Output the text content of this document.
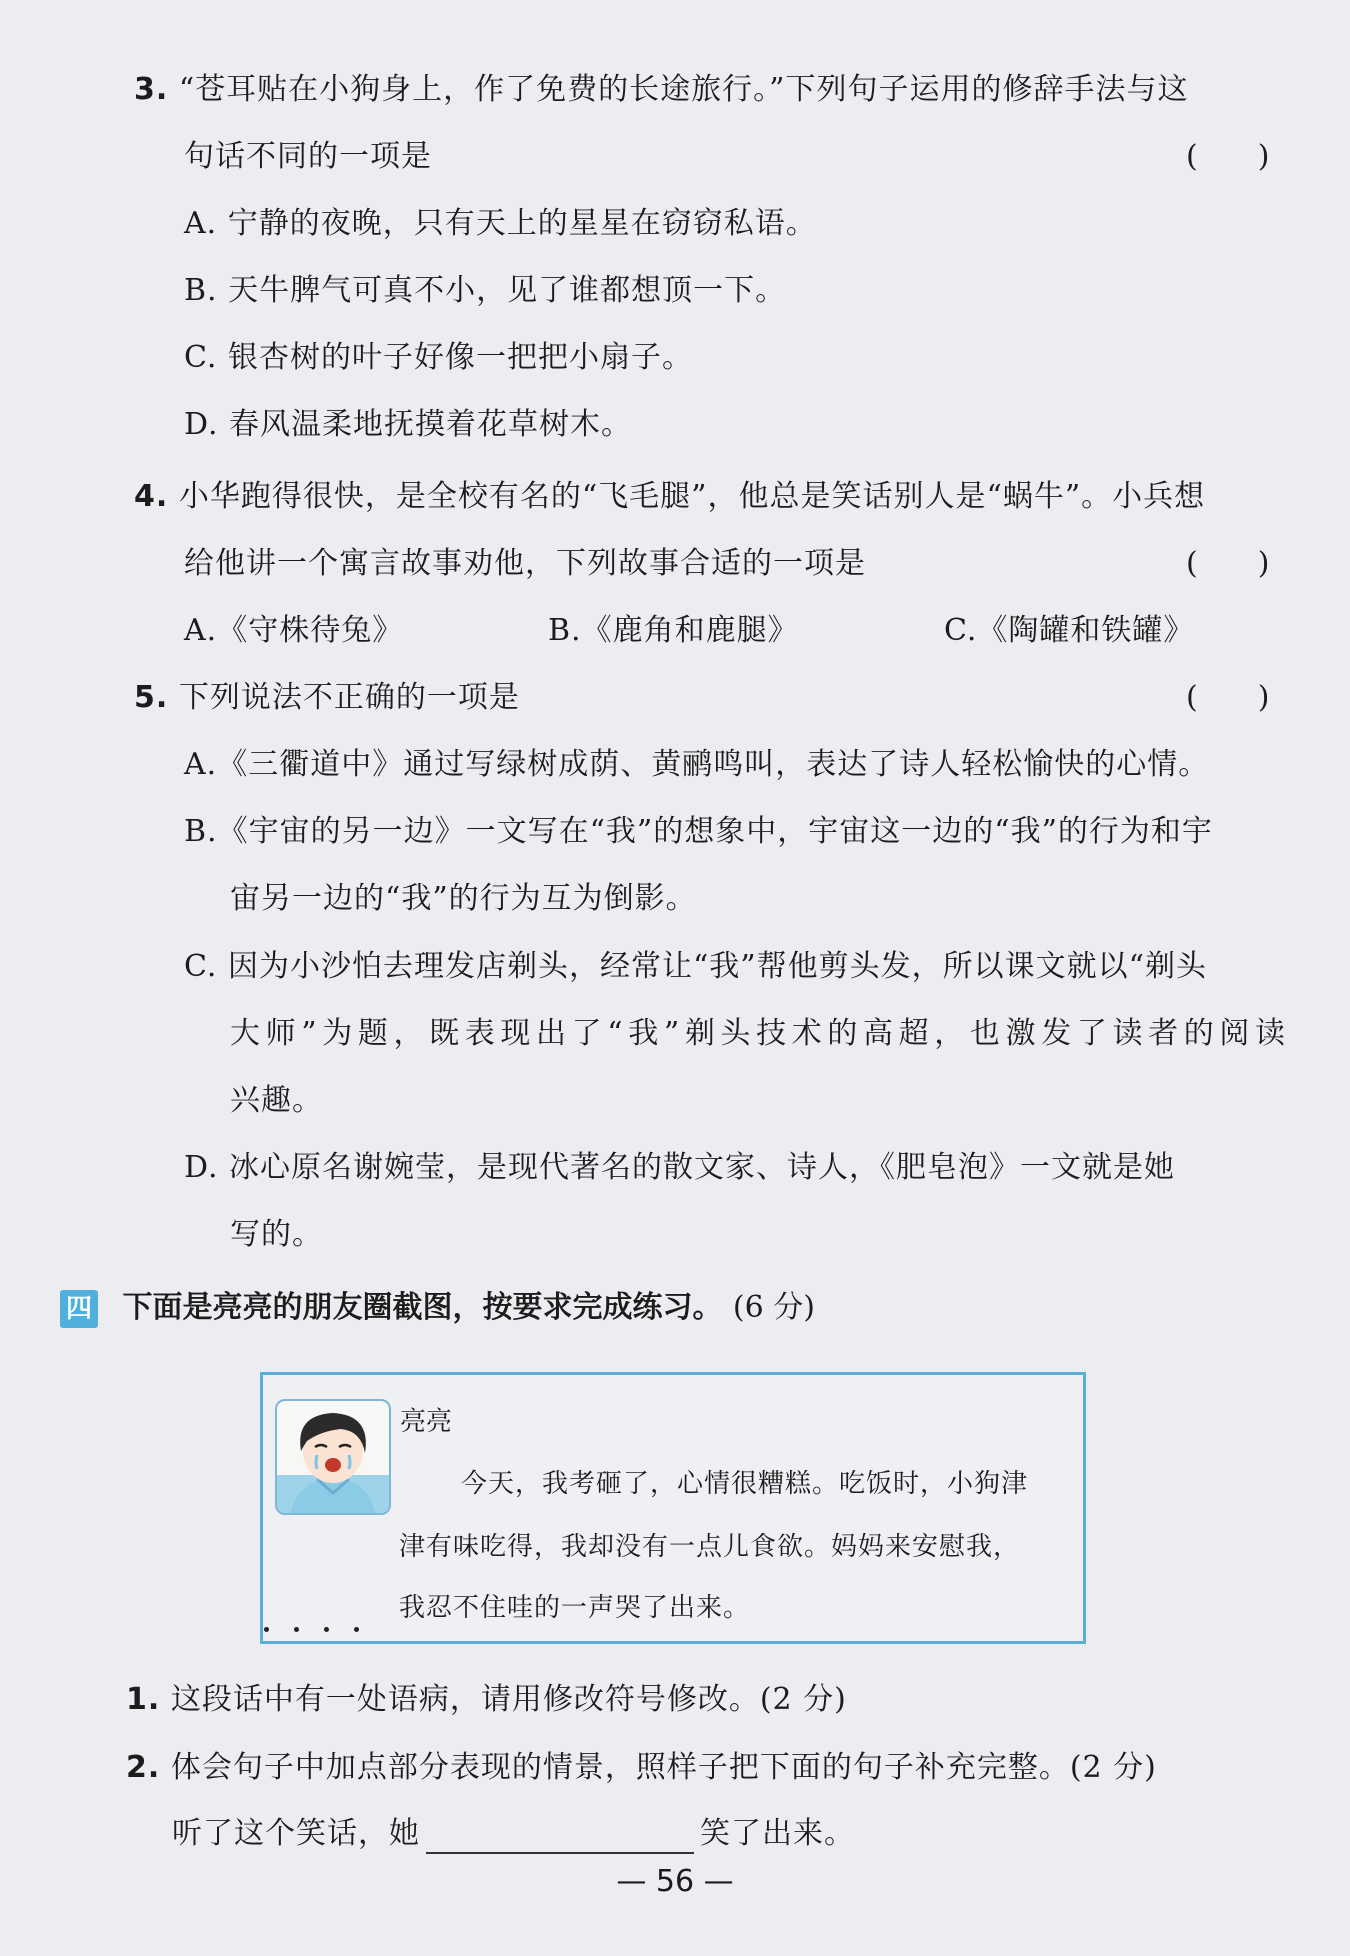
3. “苍耳贴在小狗身上，作了免费的长途旅行。”下列句子运用的修辞手法与这
句话不同的一项是	(　　)
A. 宁静的夜晚，只有天上的星星在窃窃私语。
B. 天牛脾气可真不小，见了谁都想顶一下。
C. 银杏树的叶子好像一把把小扇子。
D. 春风温柔地抚摸着花草树木。
4. 小华跑得很快，是全校有名的“飞毛腿”，他总是笑话别人是“蜗牛”。小兵想
给他讲一个寓言故事劝他，下列故事合适的一项是	(　　)
A.《守株待兔》	B.《鹿角和鹿腿》	C.《陶罐和铁罐》
5. 下列说法不正确的一项是	(　　)
A.《三衢道中》通过写绿树成荫、黄鹂鸣叫，表达了诗人轻松愉快的心情。
B.《宇宙的另一边》一文写在“我”的想象中，宇宙这一边的“我”的行为和宇
宙另一边的“我”的行为互为倒影。
C. 因为小沙怕去理发店剃头，经常让“我”帮他剪头发，所以课文就以“剃头
大师”为题，既表现出了“我”剃头技术的高超，也激发了读者的阅读
兴趣。
D. 冰心原名谢婉莹，是现代著名的散文家、诗人，《肥皂泡》一文就是她
写的。
四 下面是亮亮的朋友圈截图，按要求完成练习。 (6 分)
亮亮
今天，我考砸了，心情很糟糕。吃饭时，小狗津
津有味吃得，我却没有一点儿食欲。妈妈来安慰我，
我忍不住哇的一声哭了出来。
1. 这段话中有一处语病，请用修改符号修改。(2 分)
2. 体会句子中加点部分表现的情景，照样子把下面的句子补充完整。(2 分)
听了这个笑话，她	笑了出来。
— 56 —
